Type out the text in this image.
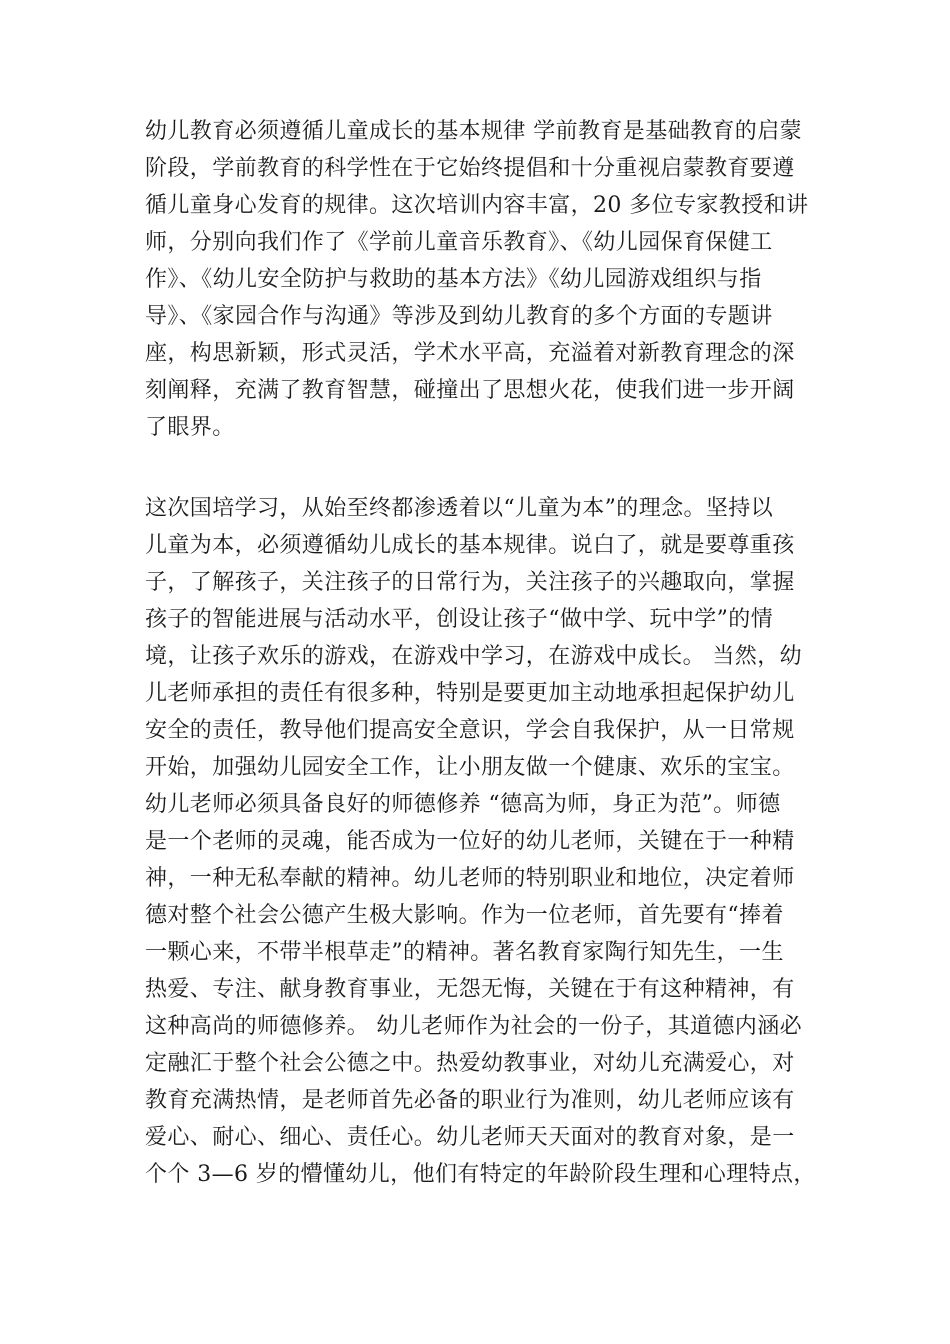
幼儿教育必须遵循儿童成长的基本规律 学前教育是基础教育的启蒙
阶段，学前教育的科学性在于它始终提倡和十分重视启蒙教育要遵
循儿童身心发育的规律。这次培训内容丰富，20 多位专家教授和讲
师，分别向我们作了《学前儿童音乐教育》、《幼儿园保育保健工
作》、《幼儿安全防护与救助的基本方法》《幼儿园游戏组织与指
导》、《家园合作与沟通》等涉及到幼儿教育的多个方面的专题讲
座，构思新颖，形式灵活，学术水平高，充溢着对新教育理念的深
刻阐释，充满了教育智慧，碰撞出了思想火花，使我们进一步开阔
了眼界。
这次国培学习，从始至终都渗透着以“儿童为本”的理念。坚持以
儿童为本，必须遵循幼儿成长的基本规律。说白了，就是要尊重孩
子，了解孩子，关注孩子的日常行为，关注孩子的兴趣取向，掌握
孩子的智能进展与活动水平，创设让孩子“做中学、玩中学”的情
境，让孩子欢乐的游戏，在游戏中学习，在游戏中成长。 当然，幼
儿老师承担的责任有很多种，特别是要更加主动地承担起保护幼儿
安全的责任，教导他们提高安全意识，学会自我保护，从一日常规
开始，加强幼儿园安全工作，让小朋友做一个健康、欢乐的宝宝。
幼儿老师必须具备良好的师德修养 “德高为师，身正为范”。师德
是一个老师的灵魂，能否成为一位好的幼儿老师，关键在于一种精
神，一种无私奉献的精神。幼儿老师的特别职业和地位，决定着师
德对整个社会公德产生极大影响。作为一位老师，首先要有“捧着
一颗心来，不带半根草走”的精神。著名教育家陶行知先生，一生
热爱、专注、献身教育事业，无怨无悔，关键在于有这种精神，有
这种高尚的师德修养。 幼儿老师作为社会的一份子，其道德内涵必
定融汇于整个社会公德之中。热爱幼教事业，对幼儿充满爱心，对
教育充满热情，是老师首先必备的职业行为准则，幼儿老师应该有
爱心、耐心、细心、责任心。幼儿老师天天面对的教育对象，是一
个个 3—6 岁的懵懂幼儿，他们有特定的年龄阶段生理和心理特点，
